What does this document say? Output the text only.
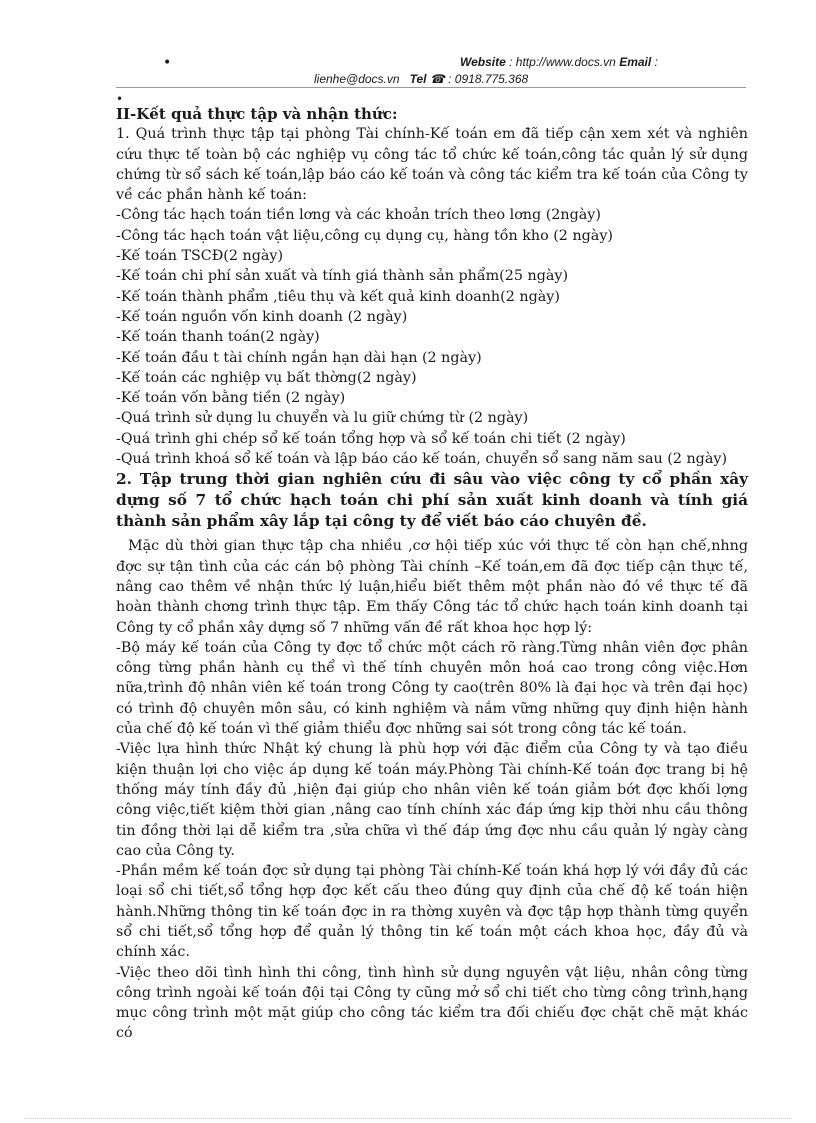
•	Website : http://www.docs.vn Email :
lienhe@docs.vn Tel ☎ : 0918.775.368
•

II-Kết quả thực tập và nhận thức:

1. Quá trình thực tập tại phòng Tài chính-Kế toán em đã tiếp cận xem xét và nghiên cứu thực tế toàn bộ các nghiệp vụ công tác tổ chức kế toán,công tác quản lý sử dụng chứng từ sổ sách kế toán,lập báo cáo kế toán và công tác kiểm tra kế toán của Công ty về các phần hành kế toán:

-Công tác hạch toán tiền lơng và các khoản trích theo lơng (2ngày)

-Công tác hạch toán vật liệu,công cụ dụng cụ, hàng tồn kho (2 ngày)

-Kế toán TSCĐ(2 ngày)

-Kế toán chi phí sản xuất và tính giá thành sản phẩm(25 ngày)

-Kế toán thành phẩm ,tiêu thụ và kết quả kinh doanh(2 ngày)

-Kế toán nguồn vốn kinh doanh (2 ngày)

-Kế toán thanh toán(2 ngày)

-Kế toán đầu t tài chính ngắn hạn dài hạn (2 ngày)

-Kế toán các nghiệp vụ bất thờng(2 ngày)

-Kế toán vốn bằng tiền (2 ngày)

-Quá trình sử dụng lu chuyển và lu giữ chứng từ (2 ngày)

-Quá trình ghi chép sổ kế toán tổng hợp và sổ kế toán chi tiết (2 ngày)

-Quá trình khoá sổ kế toán và lập báo cáo kế toán, chuyển sổ sang năm sau (2 ngày)

2. Tập trung thời gian nghiên cứu đi sâu vào việc công ty cổ phần xây dựng số 7 tổ chức hạch toán chi phí sản xuất kinh doanh và tính giá thành sản phẩm xây lắp tại công ty để viết báo cáo chuyên đề.

Mặc dù thời gian thực tập cha nhiều ,cơ hội tiếp xúc với thực tế còn hạn chế,nhng đợc sự tận tình của các cán bộ phòng Tài chính –Kế toán,em đã đợc tiếp cận thực tế, nâng cao thêm về nhận thức lý luận,hiểu biết thêm một phần nào đó về thực tế đã hoàn thành chơng trình thực tập. Em thấy Công tác tổ chức hạch toán kinh doanh tại Công ty cổ phần xây dựng số 7 những vấn đề rất khoa học hợp lý:

-Bộ máy kế toán của Công ty đợc tổ chức một cách rõ ràng.Từng nhân viên đợc phân công từng phần hành cụ thể vì thế tính chuyên môn hoá cao trong công việc.Hơn nữa,trình độ nhân viên kế toán trong Công ty cao(trên 80% là đại học và trên đại học) có trình độ chuyên môn sâu, có kinh nghiệm và nắm vững những quy định hiện hành của chế độ kế toán vì thế giảm thiểu đợc những sai sót trong công tác kế toán.

-Việc lựa hình thức Nhật ký chung là phù hợp với đặc điểm của Công ty và tạo điều kiện thuận lợi cho việc áp dụng kế toán máy.Phòng Tài chính-Kế toán đợc trang bị hệ thống máy tính đầy đủ ,hiện đại giúp cho nhân viên kế toán giảm bớt đợc khối lợng công việc,tiết kiệm thời gian ,nâng cao tính chính xác đáp ứng kịp thời nhu cầu thông tin đồng thời lại dễ kiểm tra ,sửa chữa vì thế đáp ứng đợc nhu cầu quản lý ngày càng cao của Công ty.

-Phần mềm kế toán đợc sử dụng tại phòng Tài chính-Kế toán khá hợp lý với đầy đủ các loại sổ chi tiết,sổ tổng hợp đợc kết cấu theo đúng quy định của chế độ kế toán hiện hành.Những thông tin kế toán đợc in ra thờng xuyên và đợc tập hợp thành từng quyển sổ chi tiết,sổ tổng hợp để quản lý thông tin kế toán một cách khoa học, đầy đủ và chính xác.

-Việc theo dõi tình hình thi công, tình hình sử dụng nguyên vật liệu, nhân công từng công trình ngoài kế toán đội tại Công ty cũng mở sổ chi tiết cho từng công trình,hạng mục công trình một mặt giúp cho công tác kiểm tra đối chiếu đợc chặt chẽ mặt khác có
